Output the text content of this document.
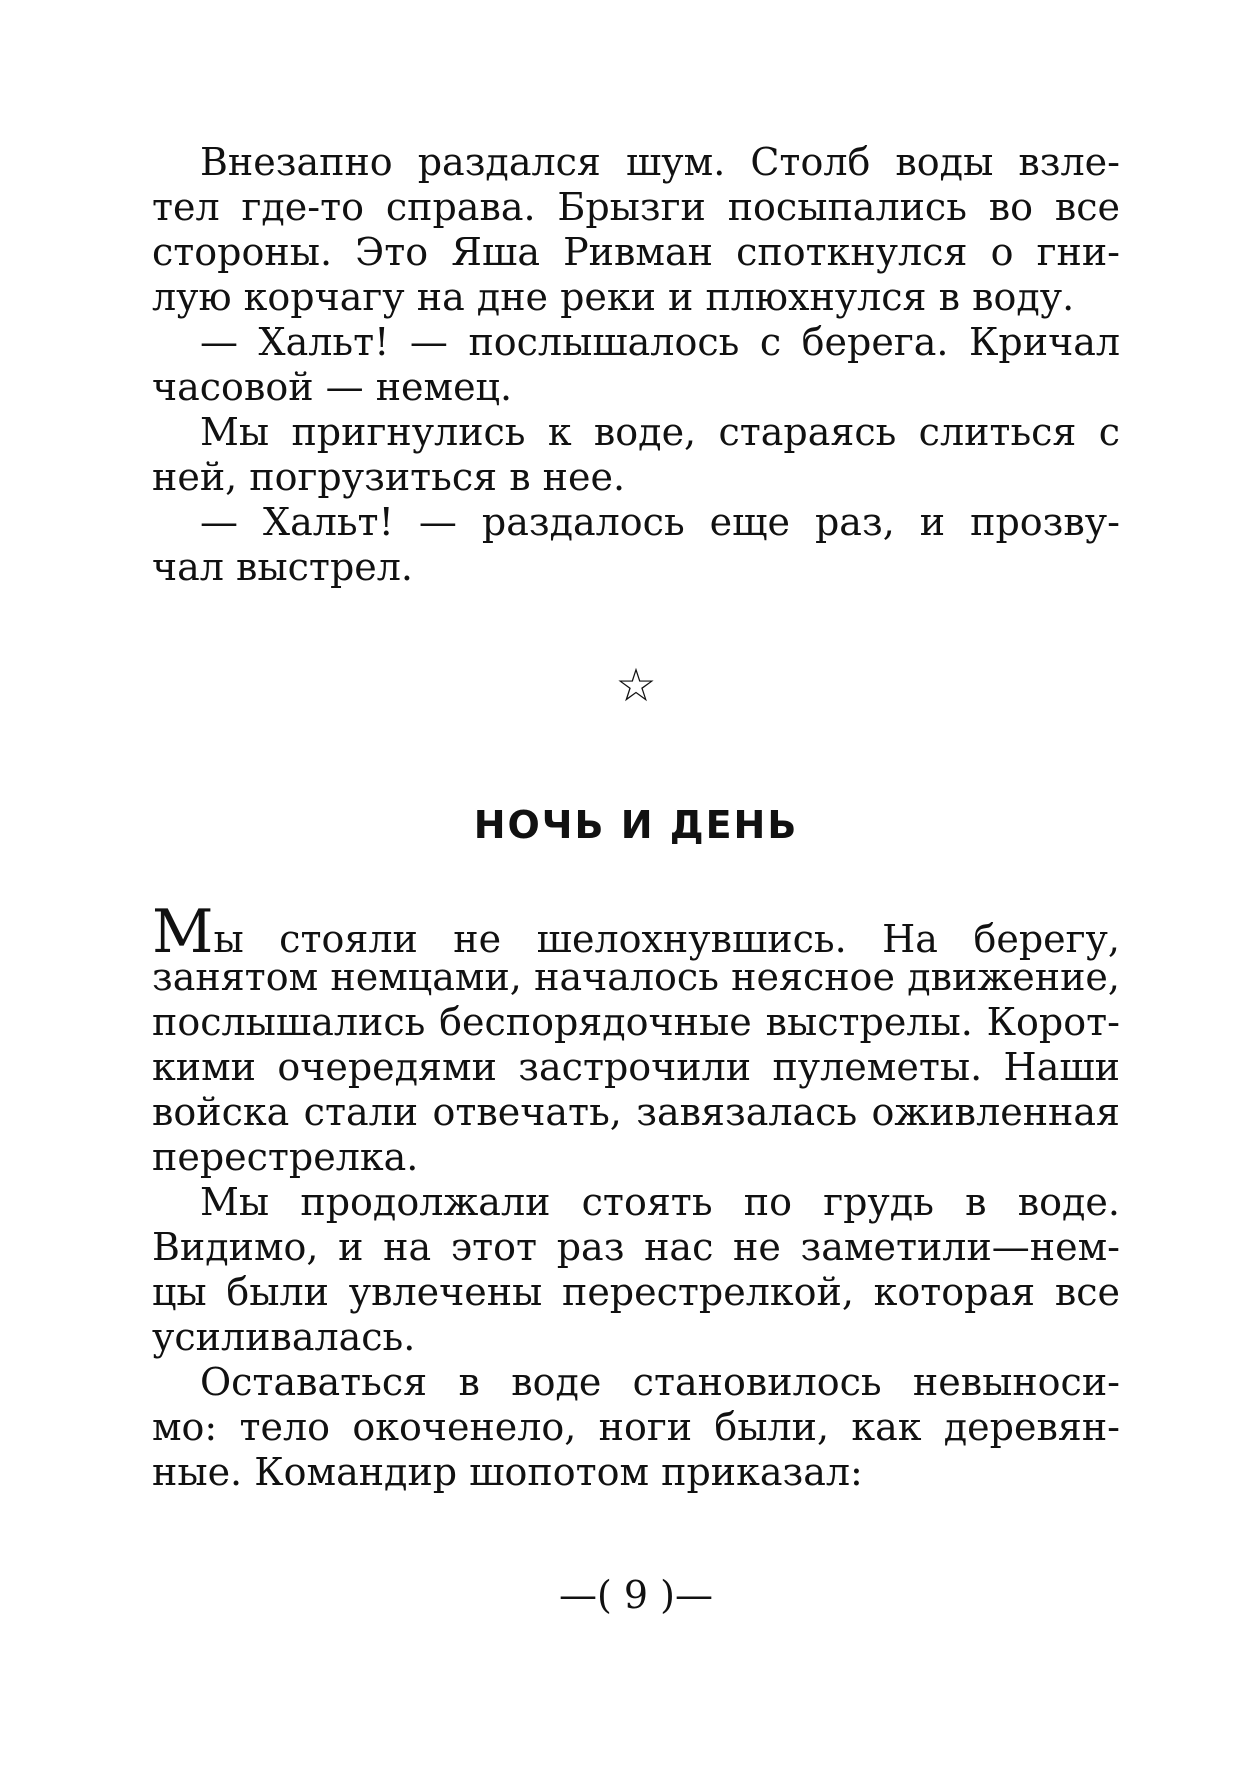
Внезапно раздался шум. Столб воды взле-
тел где-то справа. Брызги посыпались во все
стороны. Это Яша Ривман споткнулся о гни-
лую корчагу на дне реки и плюхнулся в воду.

— Хальт! — послышалось с берега. Кричал
часовой — немец.

Мы пригнулись к воде, стараясь слиться с
ней, погрузиться в нее.

— Хальт! — раздалось еще раз, и прозву-
чал выстрел.

☆
НОЧЬ И ДЕНЬ

Мы стояли не шелохнувшись. На берегу,
занятом немцами, началось неясное движение,
послышались беспорядочные выстрелы. Корот-
кими очередями застрочили пулеметы. Наши
войска стали отвечать, завязалась оживленная
перестрелка.

Мы продолжали стоять по грудь в воде.
Видимо, и на этот раз нас не заметили—нем-
цы были увлечены перестрелкой, которая все
усиливалась.

Оставаться в воде становилось невыноси-
мо: тело окоченело, ноги были, как деревян-
ные. Командир шопотом приказал:

—( 9 )—
